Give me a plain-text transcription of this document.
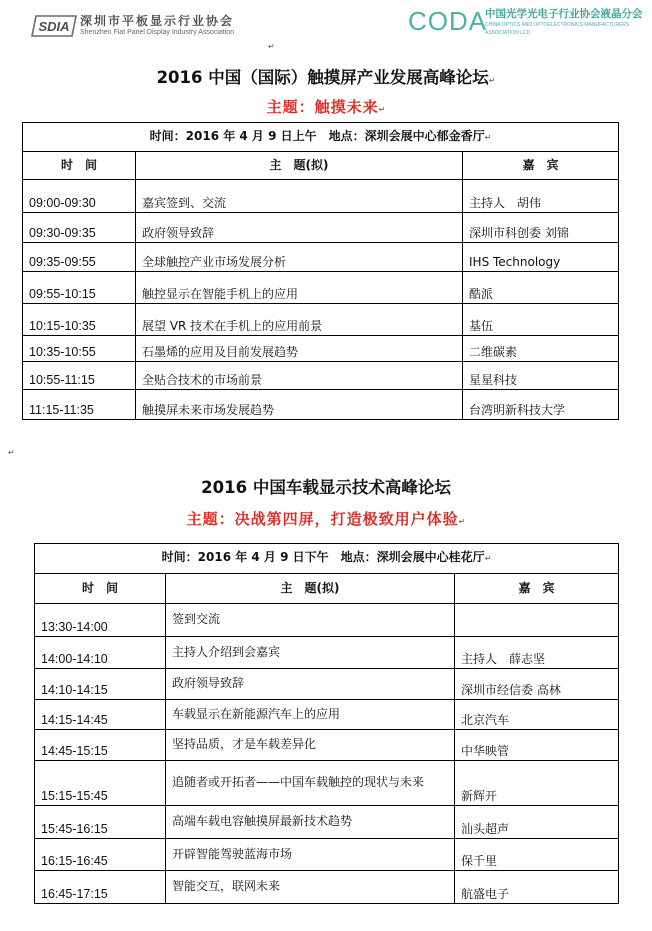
SDIA 深圳市平板显示行业协会
Shenzhen Flat Panel Display Industry Association	CODA
中国光学光电子行业协会液晶分会
CHINA OPTICS AND OPTOELECTRONICS MANUFACTURERS ASSOCIATION LCD
↵
2016 中国（国际）触摸屏产业发展高峰论坛↵
主题：触摸未来↵
时间：2016 年 4 月 9 日上午　地点：深圳会展中心郁金香厅↵		
时　间	主　题(拟)	嘉　宾
09:00-09:30	嘉宾签到、交流	主持人　胡伟
09:30-09:35	政府领导致辞	深圳市科创委 刘锦
09:35-09:55	全球触控产业市场发展分析	IHS Technology
09:55-10:15	触控显示在智能手机上的应用	酷派
10:15-10:35	展望 VR 技术在手机上的应用前景	基伍
10:35-10:55	石墨烯的应用及目前发展趋势	二维碳素
10:55-11:15	全贴合技术的市场前景	星星科技
11:15-11:35	触摸屏未来市场发展趋势	台湾明新科技大学
↵
2016 中国车载显示技术高峰论坛
主题：决战第四屏，打造极致用户体验↵
时间：2016 年 4 月 9 日下午　地点：深圳会展中心桂花厅↵		
时　间	主　题(拟)	嘉　宾
13:30-14:00	签到交流	
14:00-14:10	主持人介绍到会嘉宾	主持人　薛志坚
14:10-14:15	政府领导致辞	深圳市经信委 高林
14:15-14:45	车载显示在新能源汽车上的应用	北京汽车
14:45-15:15	坚持品质，才是车载差异化	中华映管
15:15-15:45	追随者或开拓者——中国车载触控的现状与未来	新辉开
15:45-16:15	高端车载电容触摸屏最新技术趋势	汕头超声
16:15-16:45	开辟智能驾驶蓝海市场	保千里
16:45-17:15	智能交互，联网未来	航盛电子
